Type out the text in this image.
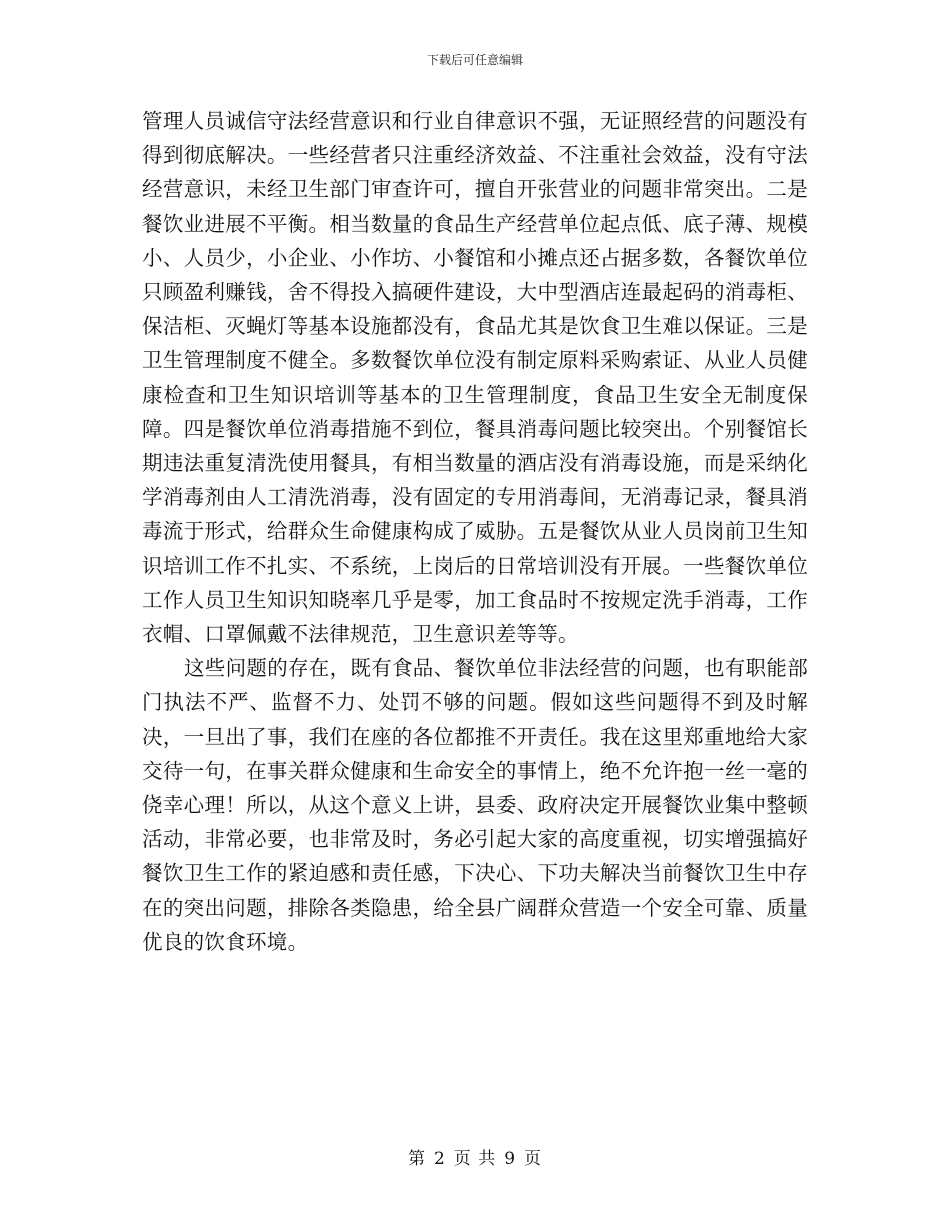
下载后可任意编辑

管理人员诚信守法经营意识和行业自律意识不强，无证照经营的问题没有得到彻底解决。一些经营者只注重经济效益、不注重社会效益，没有守法经营意识，未经卫生部门审查许可，擅自开张营业的问题非常突出。二是餐饮业进展不平衡。相当数量的食品生产经营单位起点低、底子薄、规模小、人员少，小企业、小作坊、小餐馆和小摊点还占据多数，各餐饮单位只顾盈利赚钱，舍不得投入搞硬件建设，大中型酒店连最起码的消毒柜、保洁柜、灭蝇灯等基本设施都没有，食品尤其是饮食卫生难以保证。三是卫生管理制度不健全。多数餐饮单位没有制定原料采购索证、从业人员健康检查和卫生知识培训等基本的卫生管理制度，食品卫生安全无制度保障。四是餐饮单位消毒措施不到位，餐具消毒问题比较突出。个别餐馆长期违法重复清洗使用餐具，有相当数量的酒店没有消毒设施，而是采纳化学消毒剂由人工清洗消毒，没有固定的专用消毒间，无消毒记录，餐具消毒流于形式，给群众生命健康构成了威胁。五是餐饮从业人员岗前卫生知识培训工作不扎实、不系统，上岗后的日常培训没有开展。一些餐饮单位工作人员卫生知识知晓率几乎是零，加工食品时不按规定洗手消毒，工作衣帽、口罩佩戴不法律规范，卫生意识差等等。

这些问题的存在，既有食品、餐饮单位非法经营的问题，也有职能部门执法不严、监督不力、处罚不够的问题。假如这些问题得不到及时解决，一旦出了事，我们在座的各位都推不开责任。我在这里郑重地给大家交待一句，在事关群众健康和生命安全的事情上，绝不允许抱一丝一毫的侥幸心理！所以，从这个意义上讲，县委、政府决定开展餐饮业集中整顿活动，非常必要，也非常及时，务必引起大家的高度重视，切实增强搞好餐饮卫生工作的紧迫感和责任感，下决心、下功夫解决当前餐饮卫生中存在的突出问题，排除各类隐患，给全县广阔群众营造一个安全可靠、质量优良的饮食环境。

第 2 页 共 9 页
